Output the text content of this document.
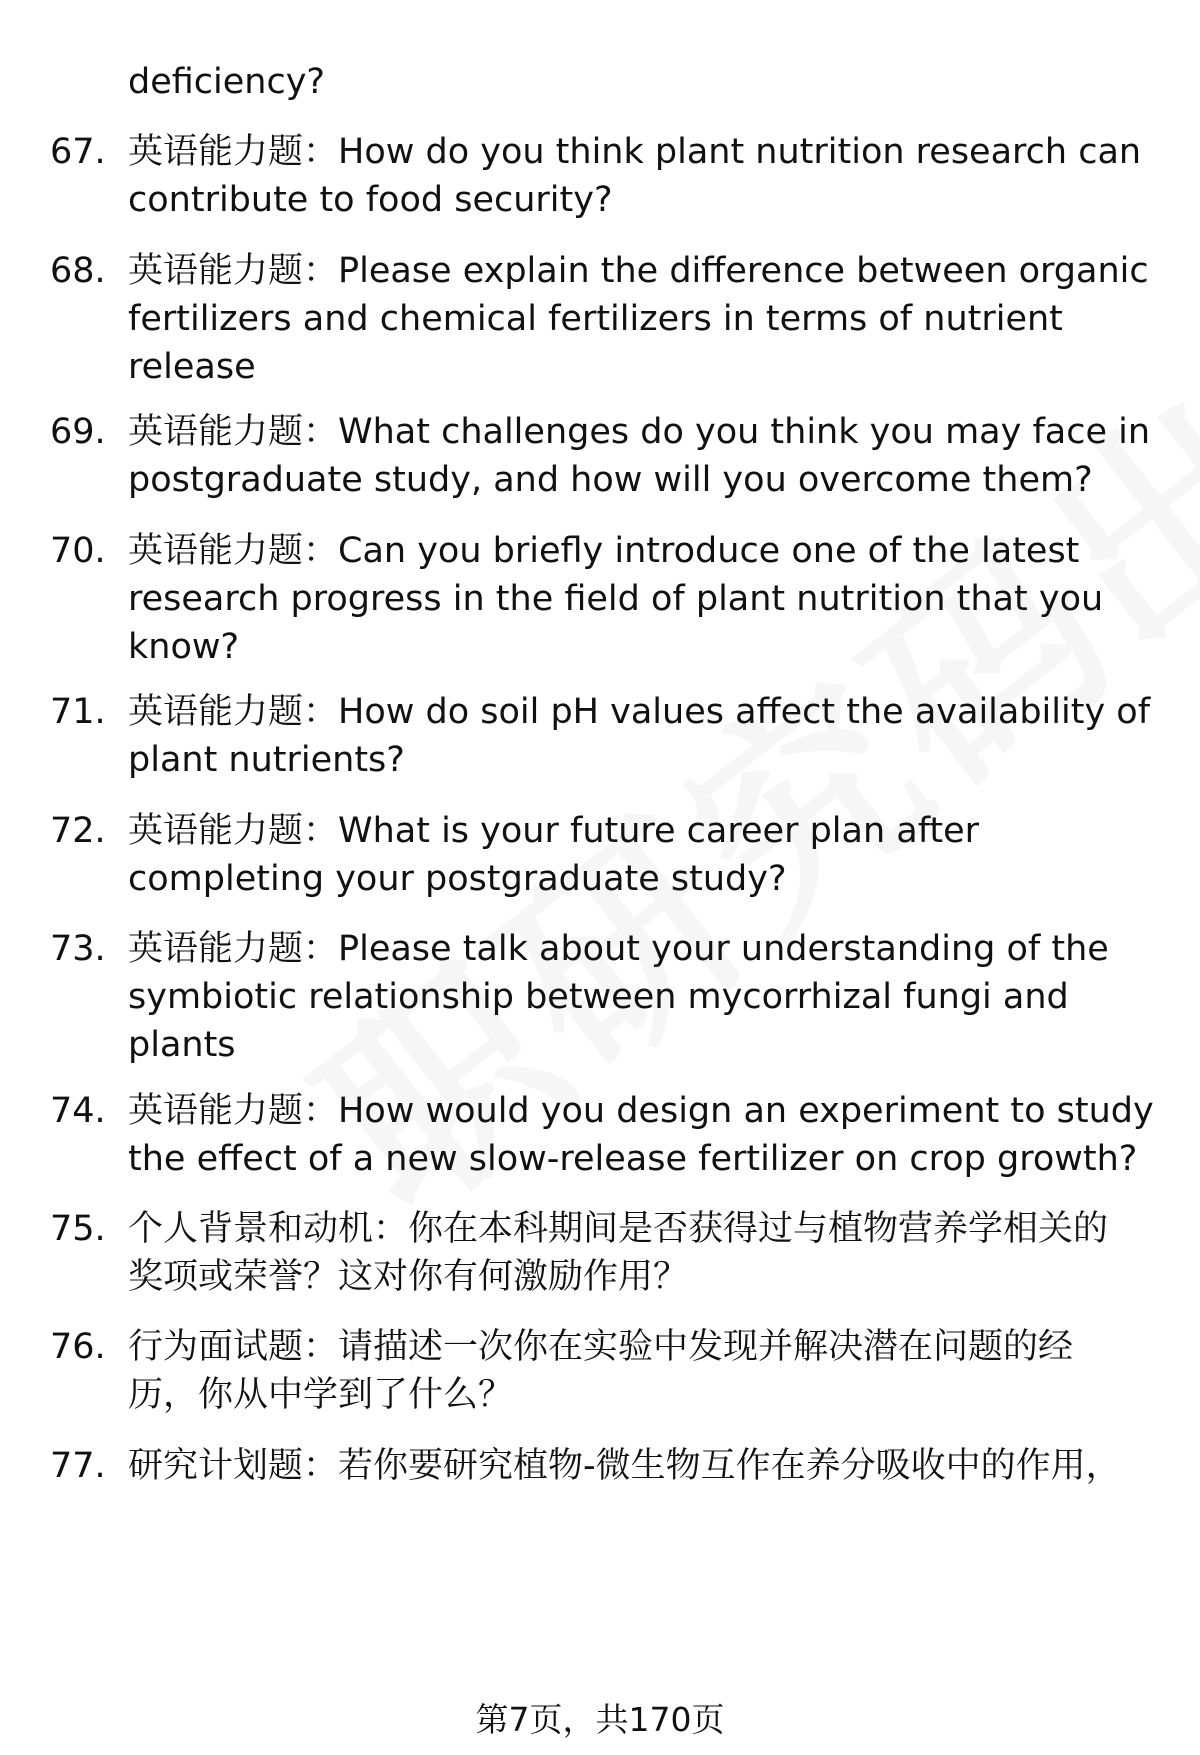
deficiency?
67. 英语能力题：How do you think plant nutrition research can
contribute to food security?
68. 英语能力题：Please explain the difference between organic
fertilizers and chemical fertilizers in terms of nutrient
release
69. 英语能力题：What challenges do you think you may face in
postgraduate study, and how will you overcome them?
70. 英语能力题：Can you briefly introduce one of the latest
research progress in the field of plant nutrition that you
know?
71. 英语能力题：How do soil pH values affect the availability of
plant nutrients?
72. 英语能力题：What is your future career plan after
completing your postgraduate study?
73. 英语能力题：Please talk about your understanding of the
symbiotic relationship between mycorrhizal fungi and
plants
74. 英语能力题：How would you design an experiment to study
the effect of a new slow-release fertilizer on crop growth?
75. 个人背景和动机：你在本科期间是否获得过与植物营养学相关的
奖项或荣誉？这对你有何激励作用？
76. 行为面试题：请描述一次你在实验中发现并解决潜在问题的经
历，你从中学到了什么？
77. 研究计划题：若你要研究植物-微生物互作在养分吸收中的作用，
第7页，共170页
